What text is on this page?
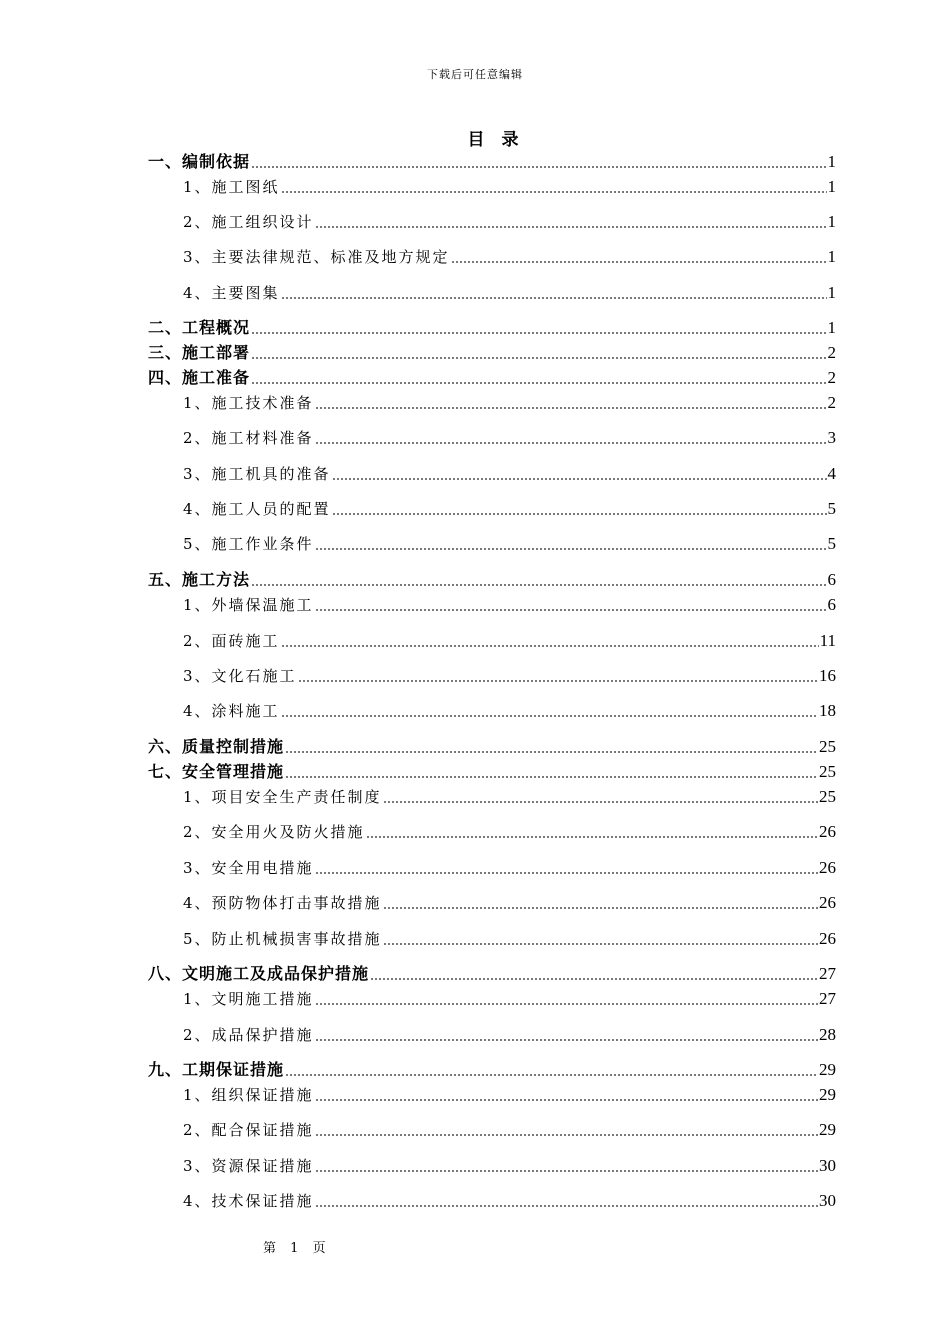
下载后可任意编辑
目　录
一、编制依据	1
1、施工图纸	1
2、施工组织设计	1
3、主要法律规范、标准及地方规定	1
4、主要图集	1
二、工程概况	1
三、施工部署	2
四、施工准备	2
1、施工技术准备	2
2、施工材料准备	3
3、施工机具的准备	4
4、施工人员的配置	5
5、施工作业条件	5
五、施工方法	6
1、外墙保温施工	6
2、面砖施工	11
3、文化石施工	16
4、涂料施工	18
六、质量控制措施	25
七、安全管理措施	25
1、项目安全生产责任制度	25
2、安全用火及防火措施	26
3、安全用电措施	26
4、预防物体打击事故措施	26
5、防止机械损害事故措施	26
八、文明施工及成品保护措施	27
1、文明施工措施	27
2、成品保护措施	28
九、工期保证措施	29
1、组织保证措施	29
2、配合保证措施	29
3、资源保证措施	30
4、技术保证措施	30
第 1 页
